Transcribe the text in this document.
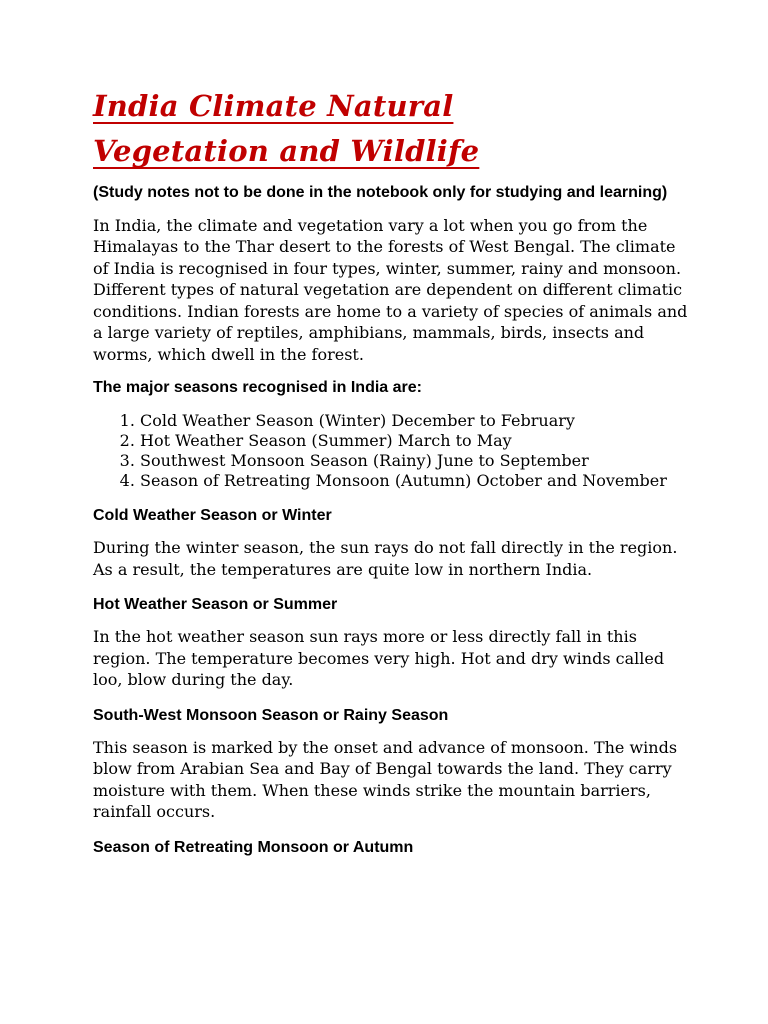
India Climate Natural
Vegetation and Wildlife

(Study notes not to be done in the notebook only for studying and learning)

In India, the climate and vegetation vary a lot when you go from the Himalayas to the Thar desert to the forests of West Bengal. The climate of India is recognised in four types, winter, summer, rainy and monsoon. Different types of natural vegetation are dependent on different climatic conditions. Indian forests are home to a variety of species of animals and a large variety of reptiles, amphibians, mammals, birds, insects and worms, which dwell in the forest.

The major seasons recognised in India are:

1. Cold Weather Season (Winter) December to February
2. Hot Weather Season (Summer) March to May
3. Southwest Monsoon Season (Rainy) June to September
4. Season of Retreating Monsoon (Autumn) October and November

Cold Weather Season or Winter

During the winter season, the sun rays do not fall directly in the region. As a result, the temperatures are quite low in northern India.

Hot Weather Season or Summer

In the hot weather season sun rays more or less directly fall in this region. The temperature becomes very high. Hot and dry winds called loo, blow during the day.

South-West Monsoon Season or Rainy Season

This season is marked by the onset and advance of monsoon. The winds blow from Arabian Sea and Bay of Bengal towards the land. They carry moisture with them. When these winds strike the mountain barriers, rainfall occurs.

Season of Retreating Monsoon or Autumn
